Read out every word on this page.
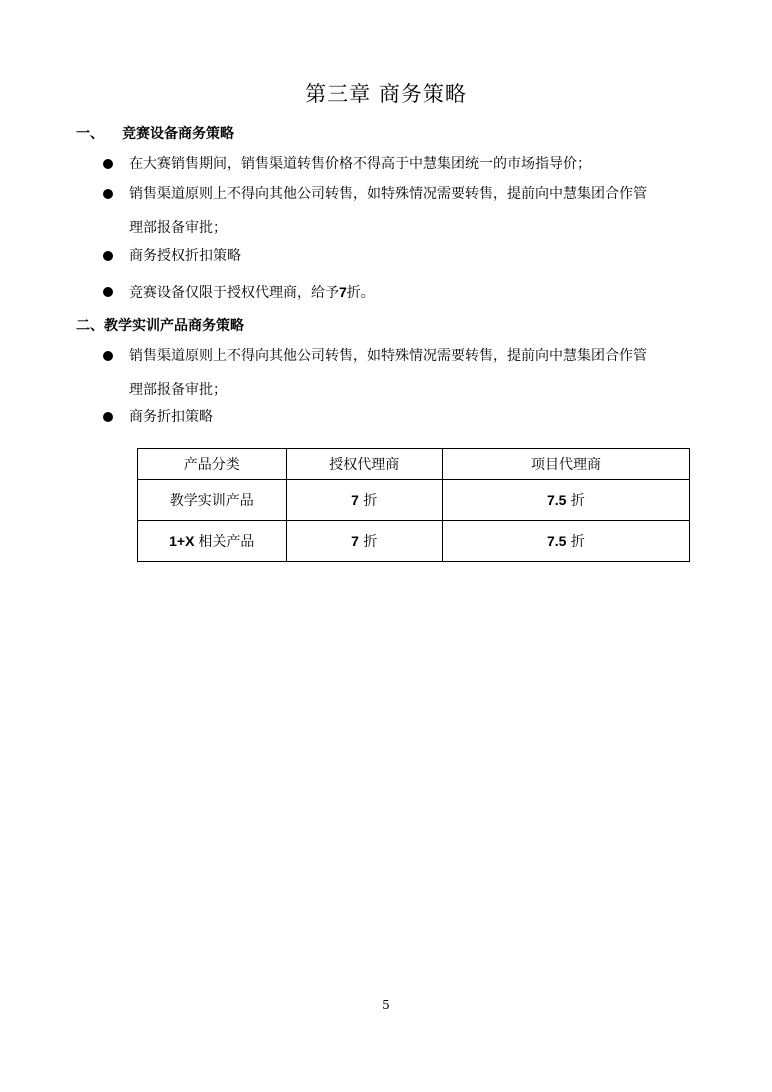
第三章 商务策略
一、 竞赛设备商务策略
在大赛销售期间，销售渠道转售价格不得高于中慧集团统一的市场指导价；
销售渠道原则上不得向其他公司转售，如特殊情况需要转售，提前向中慧集团合作管
理部报备审批；
商务授权折扣策略
竞赛设备仅限于授权代理商，给予7折。
二、教学实训产品商务策略
销售渠道原则上不得向其他公司转售，如特殊情况需要转售，提前向中慧集团合作管
理部报备审批；
商务折扣策略
产品分类	授权代理商	项目代理商
教学实训产品	7 折	7.5 折
1+X 相关产品	7 折	7.5 折
5
